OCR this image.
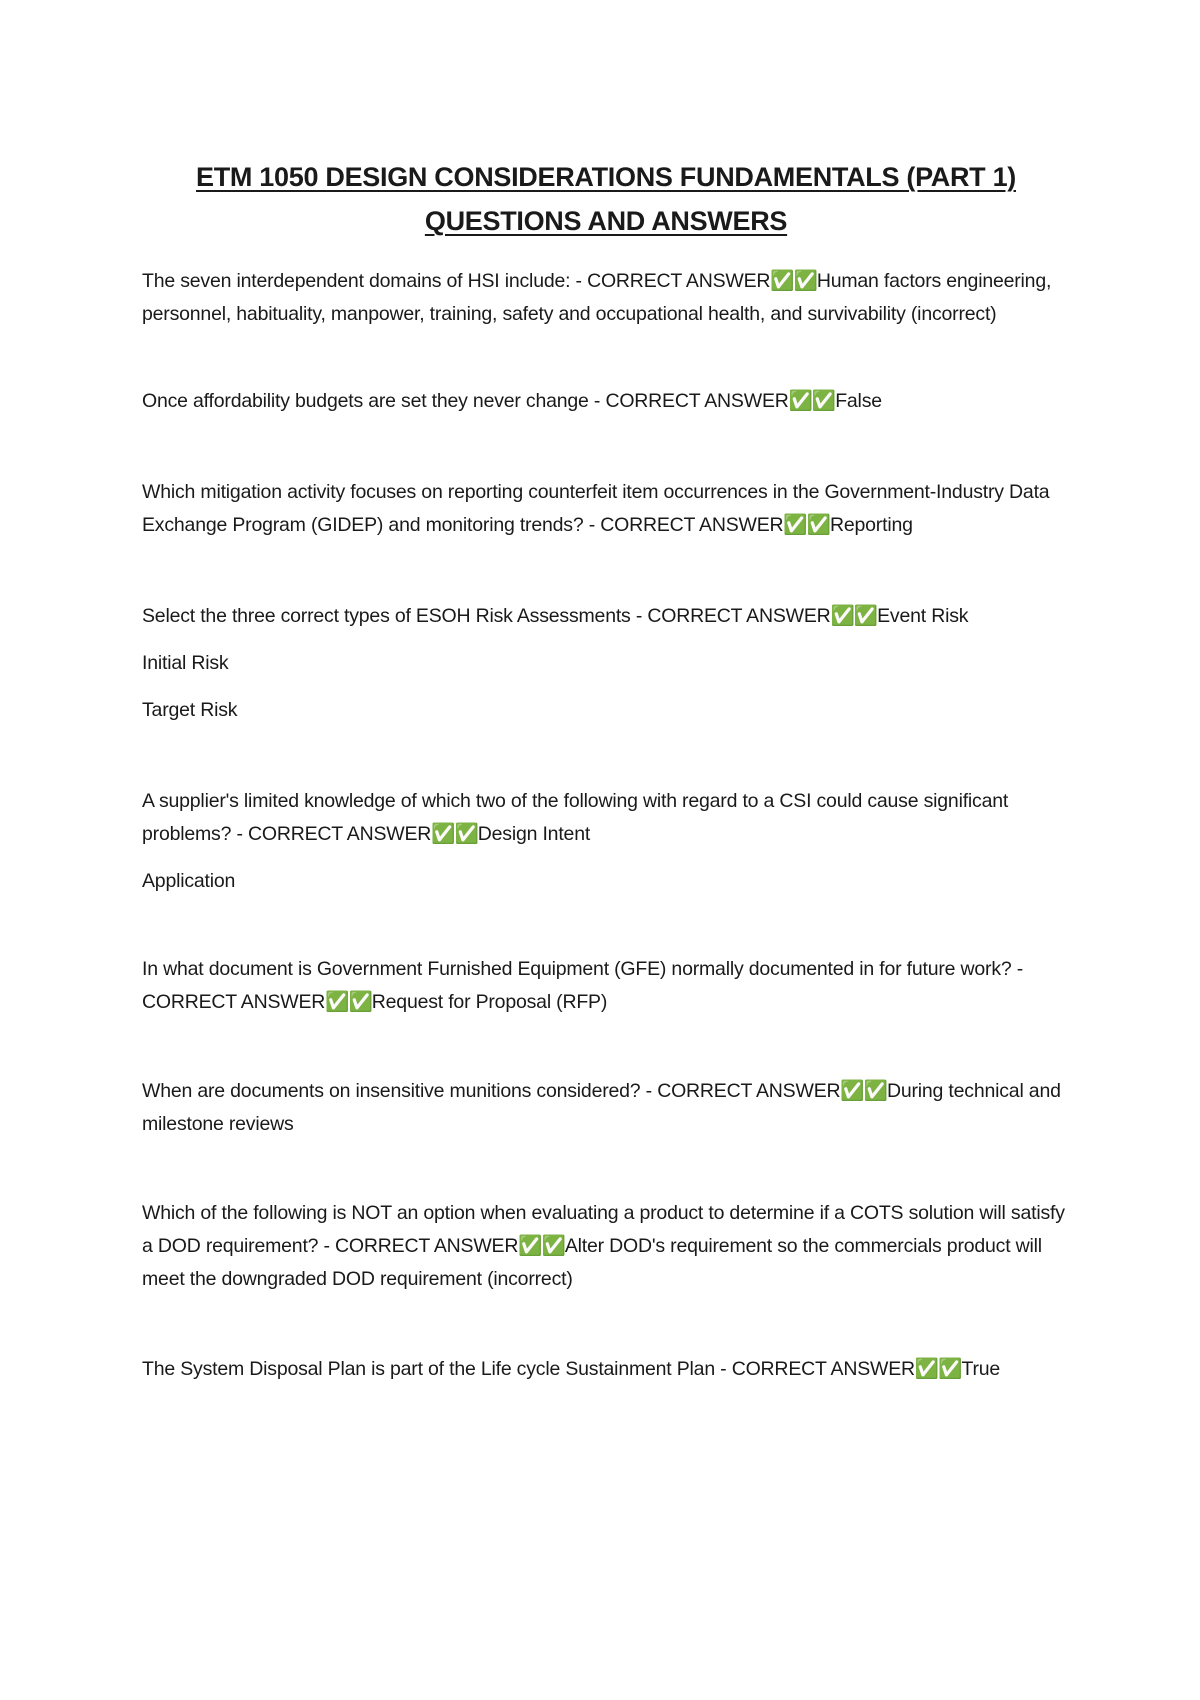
ETM 1050 DESIGN CONSIDERATIONS FUNDAMENTALS (PART 1)
QUESTIONS AND ANSWERS

The seven interdependent domains of HSI include: - CORRECT ANSWER✅✅Human factors engineering, personnel, habituality, manpower, training, safety and occupational health, and survivability (incorrect)

Once affordability budgets are set they never change - CORRECT ANSWER✅✅False

Which mitigation activity focuses on reporting counterfeit item occurrences in the Government-Industry Data Exchange Program (GIDEP) and monitoring trends? - CORRECT ANSWER✅✅Reporting

Select the three correct types of ESOH Risk Assessments - CORRECT ANSWER✅✅Event Risk

Initial Risk

Target Risk

A supplier's limited knowledge of which two of the following with regard to a CSI could cause significant problems? - CORRECT ANSWER✅✅Design Intent

Application

In what document is Government Furnished Equipment (GFE) normally documented in for future work? - CORRECT ANSWER✅✅Request for Proposal (RFP)

When are documents on insensitive munitions considered? - CORRECT ANSWER✅✅During technical and milestone reviews

Which of the following is NOT an option when evaluating a product to determine if a COTS solution will satisfy a DOD requirement? - CORRECT ANSWER✅✅Alter DOD's requirement so the commercials product will meet the downgraded DOD requirement (incorrect)

The System Disposal Plan is part of the Life cycle Sustainment Plan - CORRECT ANSWER✅✅True
